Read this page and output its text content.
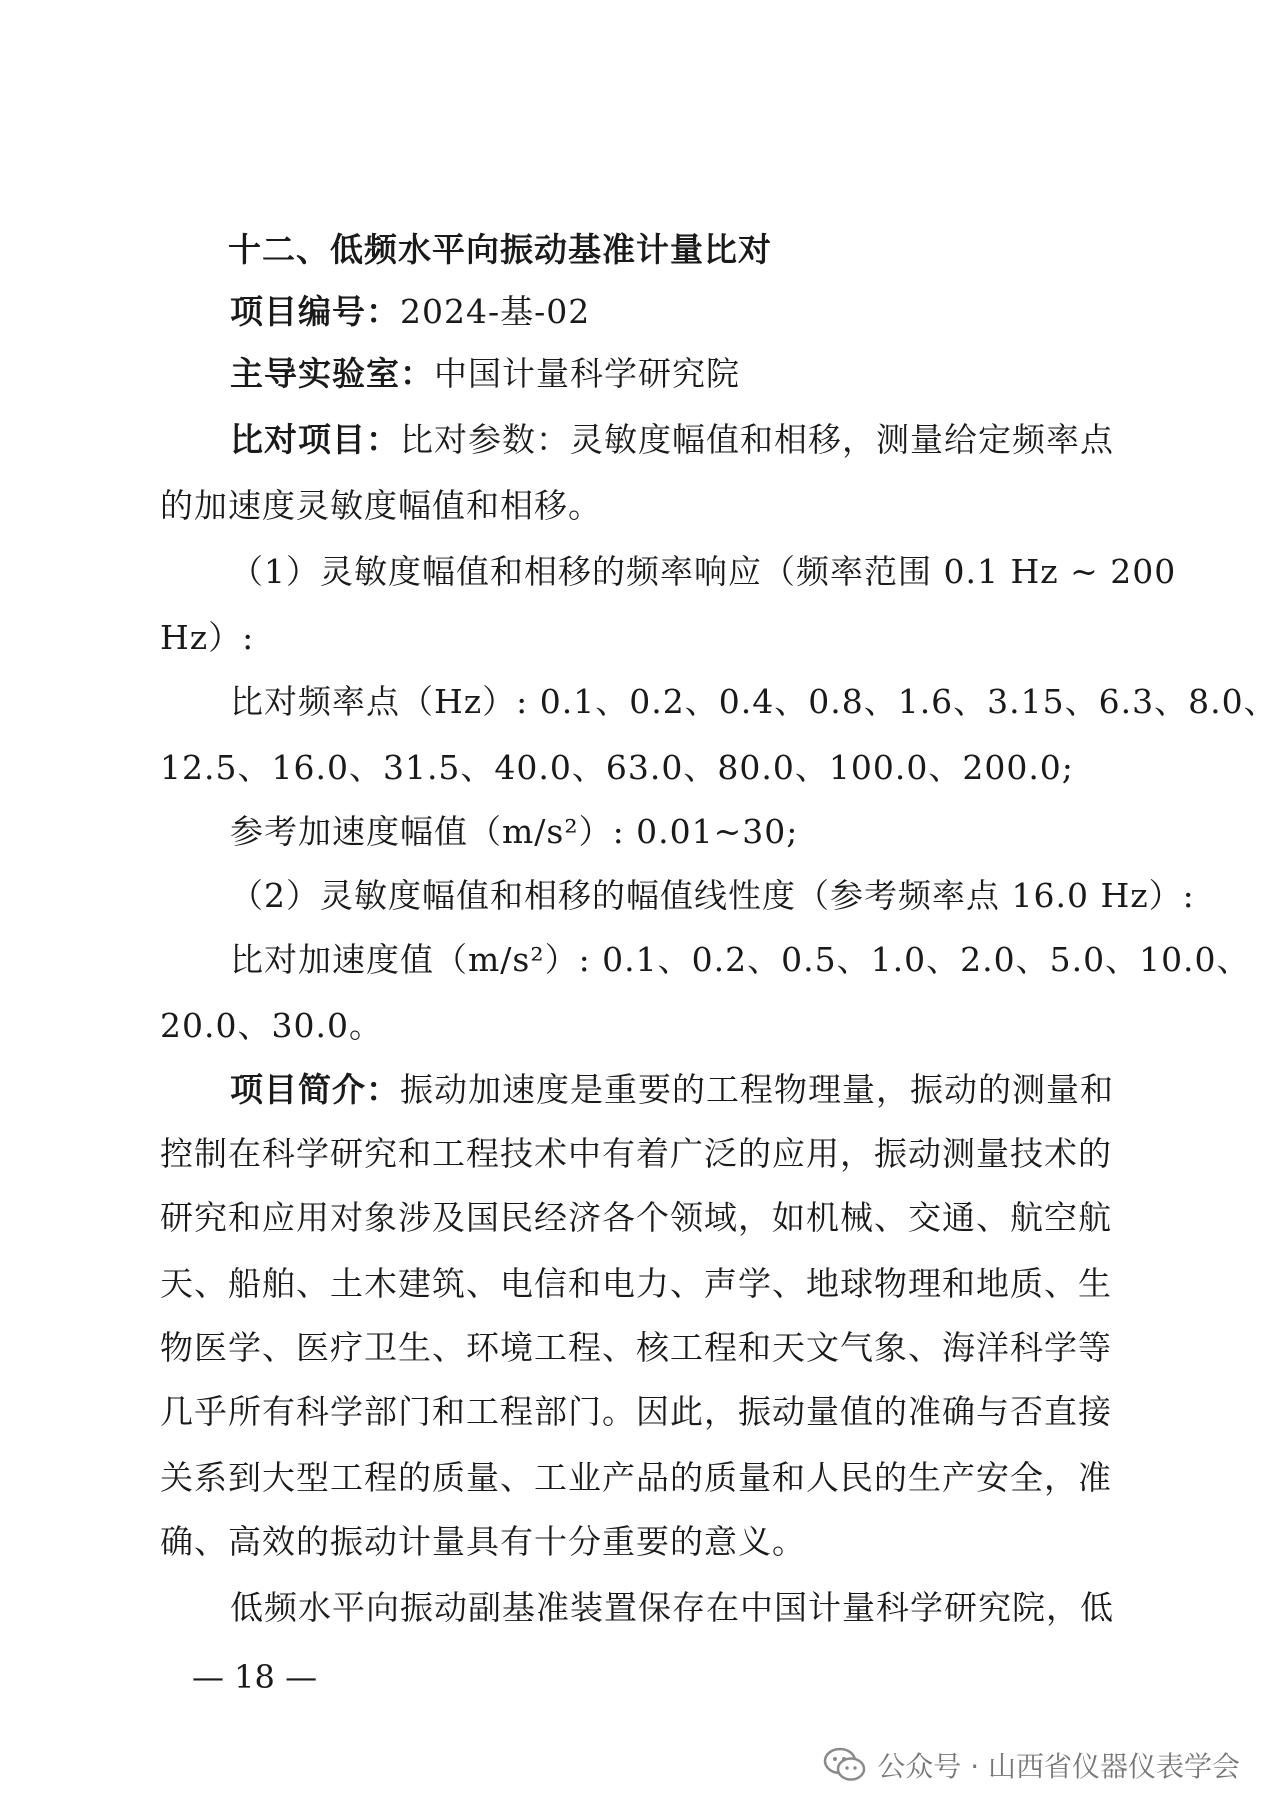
十二、低频水平向振动基准计量比对
项目编号：2024-基-02
主导实验室：中国计量科学研究院
比对项目：比对参数：灵敏度幅值和相移，测量给定频率点
的加速度灵敏度幅值和相移。
（1）灵敏度幅值和相移的频率响应（频率范围 0.1 Hz ~ 200
Hz）:
比对频率点（Hz）: 0.1、0.2、0.4、0.8、1.6、3.15、6.3、8.0、
12.5、16.0、31.5、40.0、63.0、80.0、100.0、200.0;
参考加速度幅值（m/s²）: 0.01~30;
（2）灵敏度幅值和相移的幅值线性度（参考频率点 16.0 Hz）:
比对加速度值（m/s²）: 0.1、0.2、0.5、1.0、2.0、5.0、10.0、
20.0、30.0。
项目简介：振动加速度是重要的工程物理量，振动的测量和
控制在科学研究和工程技术中有着广泛的应用，振动测量技术的
研究和应用对象涉及国民经济各个领域，如机械、交通、航空航
天、船舶、土木建筑、电信和电力、声学、地球物理和地质、生
物医学、医疗卫生、环境工程、核工程和天文气象、海洋科学等
几乎所有科学部门和工程部门。因此，振动量值的准确与否直接
关系到大型工程的质量、工业产品的质量和人民的生产安全，准
确、高效的振动计量具有十分重要的意义。
低频水平向振动副基准装置保存在中国计量科学研究院，低
— 18 —
公众号 · 山西省仪器仪表学会
